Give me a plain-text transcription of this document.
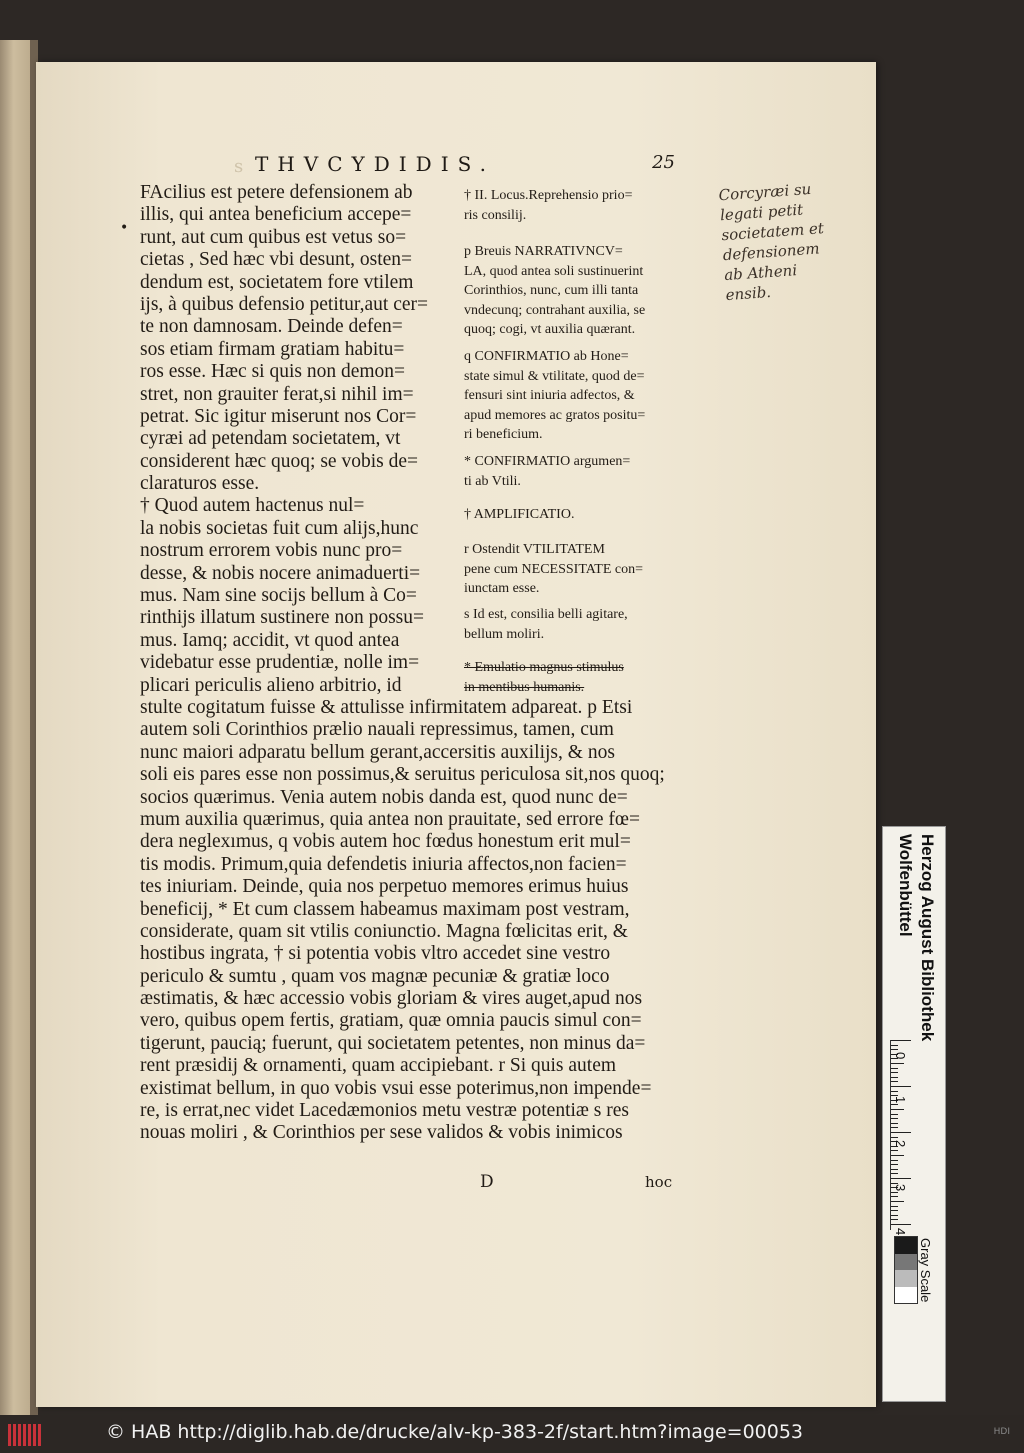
s THVCYDIDIS.	25
FAcilius est petere defensionem ab
illis, qui antea beneficium accepe=
runt, aut cum quibus est vetus so=
cietas , Sed hæc vbi desunt, osten=
dendum est, societatem fore vtilem
ijs, à quibus defensio petitur,aut cer=
te non damnosam. Deinde defen=
sos etiam firmam gratiam habitu=
ros esse. Hæc si quis non demon=
stret, non grauiter ferat,si nihil im=
petrat. Sic igitur miserunt nos Cor=
cyræi ad petendam societatem, vt
considerent hæc quoq; se vobis de=
claraturos esse.
† Quod autem hactenus nul=
la nobis societas fuit cum alijs,hunc
nostrum errorem vobis nunc pro=
desse, & nobis nocere animaduerti=
mus. Nam sine socijs bellum à Co=
rinthijs illatum sustinere non possu=
mus. Iamq; accidit, vt quod antea
videbatur esse prudentiæ, nolle im=
plicari periculis alieno arbitrio, id
stulte cogitatum fuisse & attulisse infirmitatem adpareat. p Etsi
autem soli Corinthios prælio nauali repressimus, tamen, cum
nunc maiori adparatu bellum gerant,accersitis auxilijs, & nos
soli eis pares esse non possimus,& seruitus periculosa sit,nos quoq;
socios quærimus. Venia autem nobis danda est, quod nunc de=
mum auxilia quærimus, quia antea non prauitate, sed errore fœ=
dera neglexımus, q vobis autem hoc fœdus honestum erit mul=
tis modis. Primum,quia defendetis iniuria affectos,non facien=
tes iniuriam. Deinde, quia nos perpetuo memores erimus huius
beneficij, * Et cum classem habeamus maximam post vestram,
considerate, quam sit vtilis coniunctio. Magna fœlicitas erit, &
hostibus ingrata, † si potentia vobis vltro accedet sine vestro
periculo & sumtu , quam vos magnæ pecuniæ & gratiæ loco
æstimatis, & hæc accessio vobis gloriam & vires auget,apud nos
vero, quibus opem fertis, gratiam, quæ omnia paucis simul con=
tigerunt, paucią; fuerunt, qui societatem petentes, non minus da=
rent præsidij & ornamenti, quam accipiebant. r Si quis autem
existimat bellum, in quo vobis vsui esse poterimus,non impende=
re, is errat,nec videt Lacedæmonios metu vestræ potentiæ s res
nouas moliri , & Corinthios per sese validos & vobis inimicos
† II. Locus.Reprehensio prio=
ris consilij.
p Breuis NARRATIVNCV=
LA, quod antea soli sustinuerint
Corinthios, nunc, cum illi tanta
vndecunq; contrahant auxilia, se
quoq; cogi, vt auxilia quærant.
q CONFIRMATIO ab Hone=
state simul & vtilitate, quod de=
fensuri sint iniuria adfectos, &
apud memores ac gratos positu=
ri beneficium.
* CONFIRMATIO argumen=
ti ab Vtili.
† AMPLIFICATIO.
r Ostendit VTILITATEM
pene cum NECESSITATE con=
iunctam esse.
s Id est, consilia belli agitare,
bellum moliri.
* Emulatio magnus stimulus
in mentibus humanis.
Corcyræi su
legati petit
societatem et
defensionem
ab Atheni
ensib.
•
D	hoc
Herzog August Bibliothek
Wolfenbüttel
0
1
2
3
4
Gray Scale
© HAB http://diglib.hab.de/drucke/alv-kp-383-2f/start.htm?image=00053	HDI
